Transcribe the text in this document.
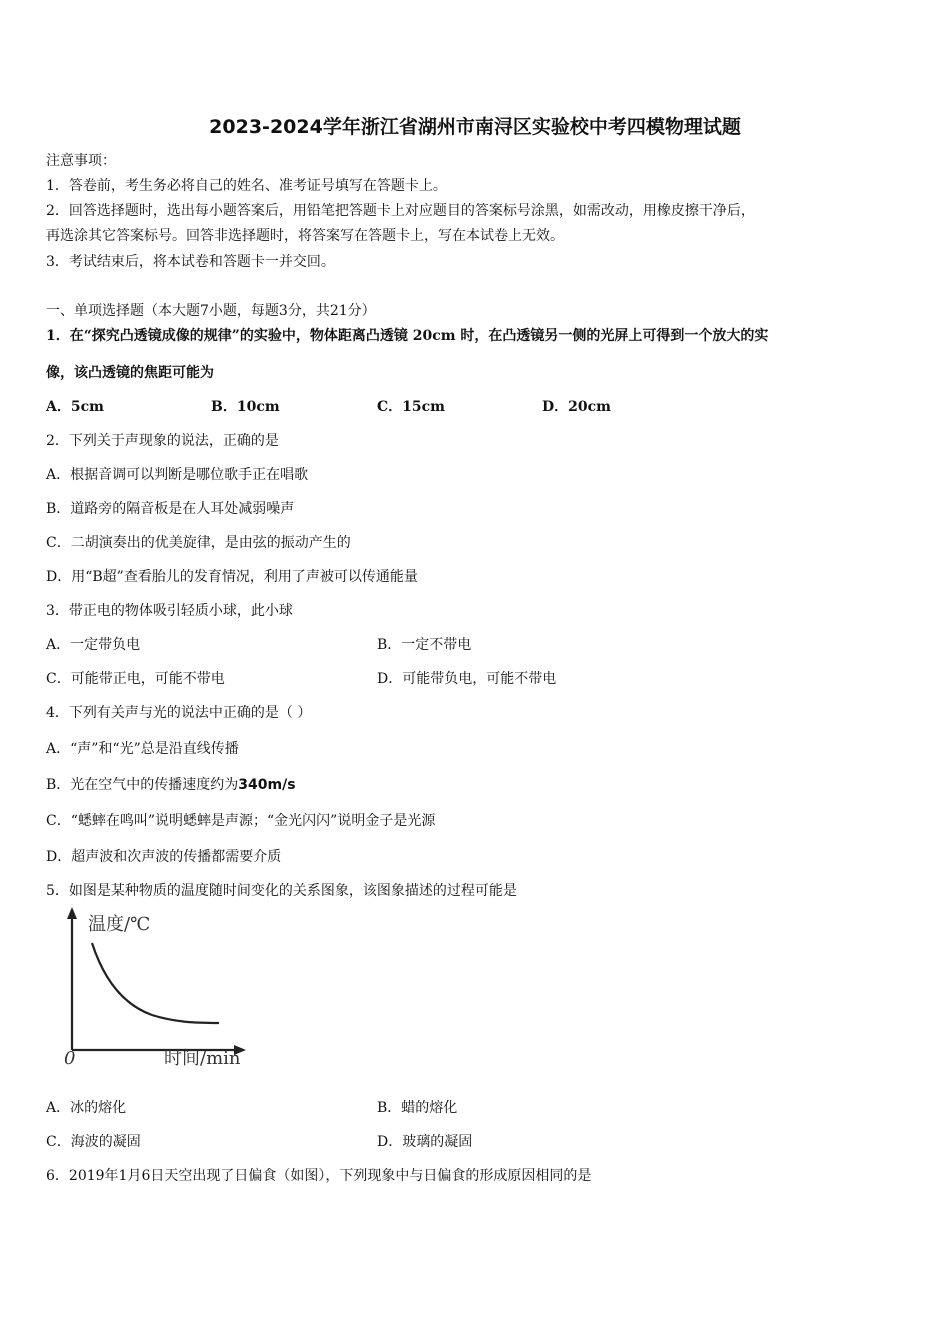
2023-2024学年浙江省湖州市南浔区实验校中考四模物理试题
注意事项：
1．答卷前，考生务必将自己的姓名、准考证号填写在答题卡上。
2．回答选择题时，选出每小题答案后，用铅笔把答题卡上对应题目的答案标号涂黑，如需改动，用橡皮擦干净后，
再选涂其它答案标号。回答非选择题时，将答案写在答题卡上，写在本试卷上无效。
3．考试结束后，将本试卷和答题卡一并交回。
一、单项选择题（本大题7小题，每题3分，共21分）
1．在“探究凸透镜成像的规律”的实验中，物体距离凸透镜 20cm 时，在凸透镜另一侧的光屏上可得到一个放大的实
像，该凸透镜的焦距可能为
A．5cm	B．10cm	C．15cm	D．20cm
2．下列关于声现象的说法，正确的是
A．根据音调可以判断是哪位歌手正在唱歌
B．道路旁的隔音板是在人耳处减弱噪声
C．二胡演奏出的优美旋律，是由弦的振动产生的
D．用“B超”查看胎儿的发育情况，利用了声被可以传通能量
3．带正电的物体吸引轻质小球，此小球
A．一定带负电	B．一定不带电
C．可能带正电，可能不带电	D．可能带负电，可能不带电
4．下列有关声与光的说法中正确的是（ ）
A．“声”和“光”总是沿直线传播
B．光在空气中的传播速度约为340m/s
C．“蟋蟀在鸣叫”说明蟋蟀是声源；“金光闪闪”说明金子是光源
D．超声波和次声波的传播都需要介质
5．如图是某种物质的温度随时间变化的关系图象，该图象描述的过程可能是
温度/℃
时间/min
0
A．冰的熔化	B．蜡的熔化
C．海波的凝固	D．玻璃的凝固
6．2019年1月6日天空出现了日偏食（如图），下列现象中与日偏食的形成原因相同的是
